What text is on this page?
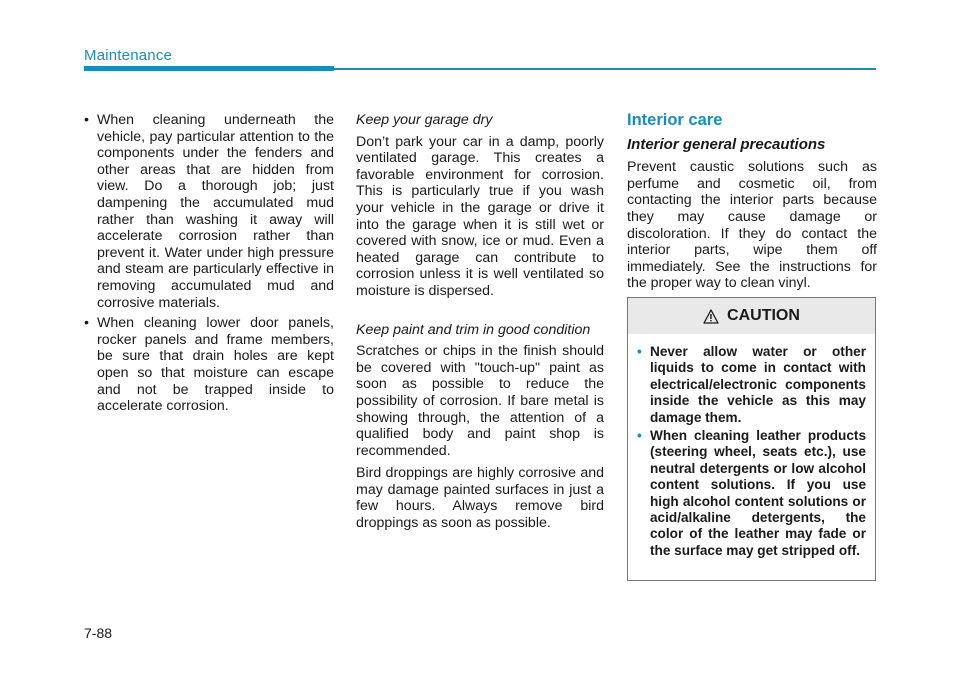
Maintenance
• When cleaning underneath the vehicle, pay particular attention to the components under the fenders and other areas that are hidden from view. Do a thorough job; just dampening the accumulated mud rather than washing it away will accelerate corrosion rather than prevent it. Water under high pressure and steam are particularly effective in removing accumulated mud and corrosive materials.
• When cleaning lower door panels, rocker panels and frame members, be sure that drain holes are kept open so that moisture can escape and not be trapped inside to accelerate corrosion.
Keep your garage dry

Don’t park your car in a damp, poorly ventilated garage. This creates a favorable environment for corrosion. This is particularly true if you wash your vehicle in the garage or drive it into the garage when it is still wet or covered with snow, ice or mud. Even a heated garage can contribute to corrosion unless it is well ventilated so moisture is dispersed.

Keep paint and trim in good condition

Scratches or chips in the finish should be covered with "touch-up" paint as soon as possible to reduce the possibility of corrosion. If bare metal is showing through, the attention of a qualified body and paint shop is recommended.

Bird droppings are highly corrosive and may damage painted surfaces in just a few hours. Always remove bird droppings as soon as possible.

Interior care
Interior general precautions

Prevent caustic solutions such as perfume and cosmetic oil, from contacting the interior parts because they may cause damage or discoloration. If they do contact the interior parts, wipe them off immediately. See the instructions for the proper way to clean vinyl.

CAUTION
• Never allow water or other liquids to come in contact with electrical/electronic components inside the vehicle as this may damage them.
• When cleaning leather products (steering wheel, seats etc.), use neutral detergents or low alcohol content solutions. If you use high alcohol content solutions or acid/alkaline detergents, the color of the leather may fade or the surface may get stripped off.
7-88
